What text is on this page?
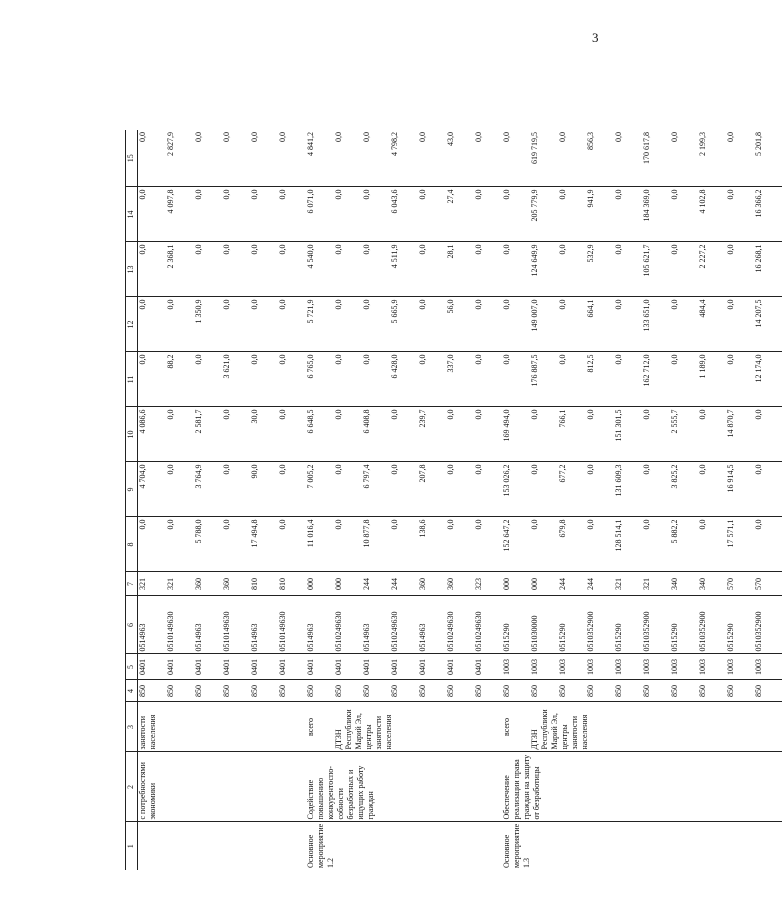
3
1	2	3	4	5	6	7	8	9	10	11	12	13	14	15
	с потребностями экономики	занятости населения	850	0401	0514963	321	0,0	4 704,0	4 086,6	0,0	0,0	0,0	0,0	0,0
			850	0401	0510149630	321	0,0	0,0	0,0	88,2	0,0	2 368,1	4 097,8	2 827,9
			850	0401	0514963	360	5 788,0	3 764,9	2 581,7	0,0	1 350,9	0,0	0,0	0,0
			850	0401	0510149630	360	0,0	0,0	0,0	3 621,0	0,0	0,0	0,0	0,0
			850	0401	0514963	810	17 494,8	90,0	30,0	0,0	0,0	0,0	0,0	0,0
			850	0401	0510149630	810	0,0	0,0	0,0	0,0	0,0	0,0	0,0	0,0
Основное мероприятие 1.2	Содействие повышению конкурентоспо-собности безработных и ищущих работу граждан	всего	850	0401	0514963	000	11 016,4	7 005,2	6 648,5	6 765,0	5 721,9	4 540,0	6 071,0	4 841,2
		ДТЗН Республики Марий Эл, центры занятости населения	850	0401	0510249630	000	0,0	0,0	0,0	0,0	0,0	0,0	0,0	0,0
			850	0401	0514963	244	10 877,8	6 797,4	6 408,8	0,0	0,0	0,0	0,0	0,0
			850	0401	0510249630	244	0,0	0,0	0,0	6 428,0	5 665,9	4 511,9	6 043,6	4 798,2
			850	0401	0514963	360	138,6	207,8	239,7	0,0	0,0	0,0	0,0	0,0
			850	0401	0510249630	360	0,0	0,0	0,0	337,0	56,0	28,1	27,4	43,0
			850	0401	0510249630	323	0,0	0,0	0,0	0,0	0,0	0,0	0,0	0,0
Основное мероприятие 1.3	Обеспечение реализации права граждан на защиту от безработицы	всего	850	1003	0515290	000	152 647,2	153 026,2	169 494,0	0,0	0,0	0,0	0,0	0,0
		ДТЗН Республики Марий Эл, центры занятости населения	850	1003	051030000	000	0,0	0,0	0,0	176 887,5	149 007,0	124 649,9	205 779,9	619 719,5
			850	1003	0515290	244	679,8	677,2	766,1	0,0	0,0	0,0	0,0	0,0
			850	1003	0510352900	244	0,0	0,0	0,0	812,5	664,1	532,9	941,9	856,3
			850	1003	0515290	321	128 514,1	131 609,3	151 301,5	0,0	0,0	0,0	0,0	0,0
			850	1003	0510352900	321	0,0	0,0	0,0	162 712,0	133 651,0	105 621,7	184 369,0	170 617,8
			850	1003	0515290	340	5 882,2	3 825,2	2 555,7	0,0	0,0	0,0	0,0	0,0
			850	1003	0510352900	340	0,0	0,0	0,0	1 189,0	484,4	2 227,2	4 102,8	2 199,3
			850	1003	0515290	570	17 571,1	16 914,5	14 870,7	0,0	0,0	0,0	0,0	0,0
			850	1003	0510352900	570	0,0	0,0	0,0	12 174,0	14 207,5	16 268,1	16 366,2	5 201,8
